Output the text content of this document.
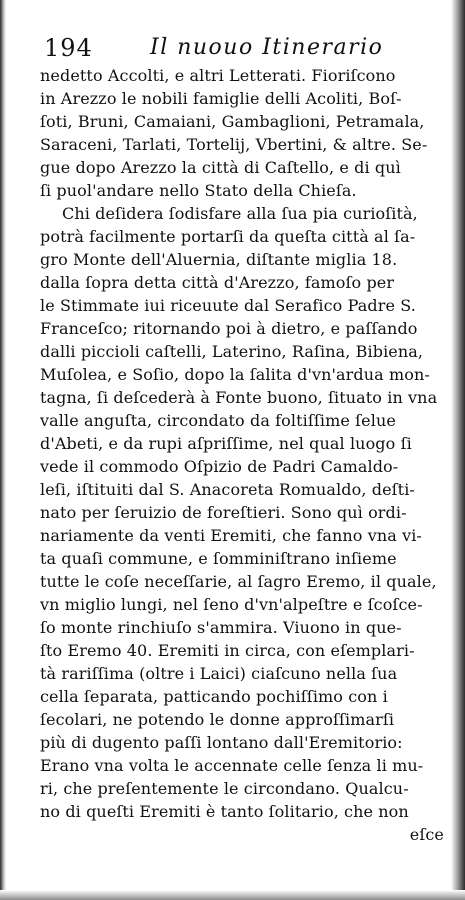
194	Il nuouo Itinerario
nedetto Accolti, e altri Letterati. Fioriſcono
in Arezzo le nobili famiglie delli Acoliti, Boſ-
ſoti, Bruni, Camaiani, Gambaglioni, Petramala,
Saraceni, Tarlati, Tortelij, Vbertini, & altre. Se-
gue dopo Arezzo la città di Caſtello, e di quì
ſi puol'andare nello Stato della Chieſa.
Chi deſidera ſodisfare alla ſua pia curioſità,
potrà facilmente portarſi da queſta città al ſa-
gro Monte dell'Aluernia, diſtante miglia 18.
dalla ſopra detta città d'Arezzo, famoſo per
le Stimmate iui riceuute dal Serafico Padre S.
Franceſco; ritornando poi à dietro, e paſſando
dalli piccioli caſtelli, Laterino, Raſina, Bibiena,
Muſolea, e Soſio, dopo la ſalita d'vn'ardua mon-
tagna, ſi deſcederà à Fonte buono, ſituato in vna
valle anguſta, circondato da foltiſſime ſelue
d'Abeti, e da rupi aſpriſſime, nel qual luogo ſi
vede il commodo Oſpizio de Padri Camaldo-
leſi, iſtituiti dal S. Anacoreta Romualdo, deſti-
nato per ſeruizio de foreſtieri. Sono quì ordi-
nariamente da venti Eremiti, che fanno vna vi-
ta quaſi commune, e ſomminiſtrano inſieme
tutte le coſe neceſſarie, al ſagro Eremo, il quale,
vn miglio lungi, nel ſeno d'vn'alpeſtre e ſcoſce-
ſo monte rinchiuſo s'ammira. Viuono in que-
ſto Eremo 40. Eremiti in circa, con eſemplari-
tà rariſſima (oltre i Laici) ciaſcuno nella ſua
cella ſeparata, patticando pochiſſimo con i
ſecolari, ne potendo le donne approſſimarſi
più di dugento paſſi lontano dall'Eremitorio:
Erano vna volta le accennate celle ſenza li mu-
ri, che preſentemente le circondano. Qualcu-
no di queſti Eremiti è tanto ſolitario, che non
eſce
